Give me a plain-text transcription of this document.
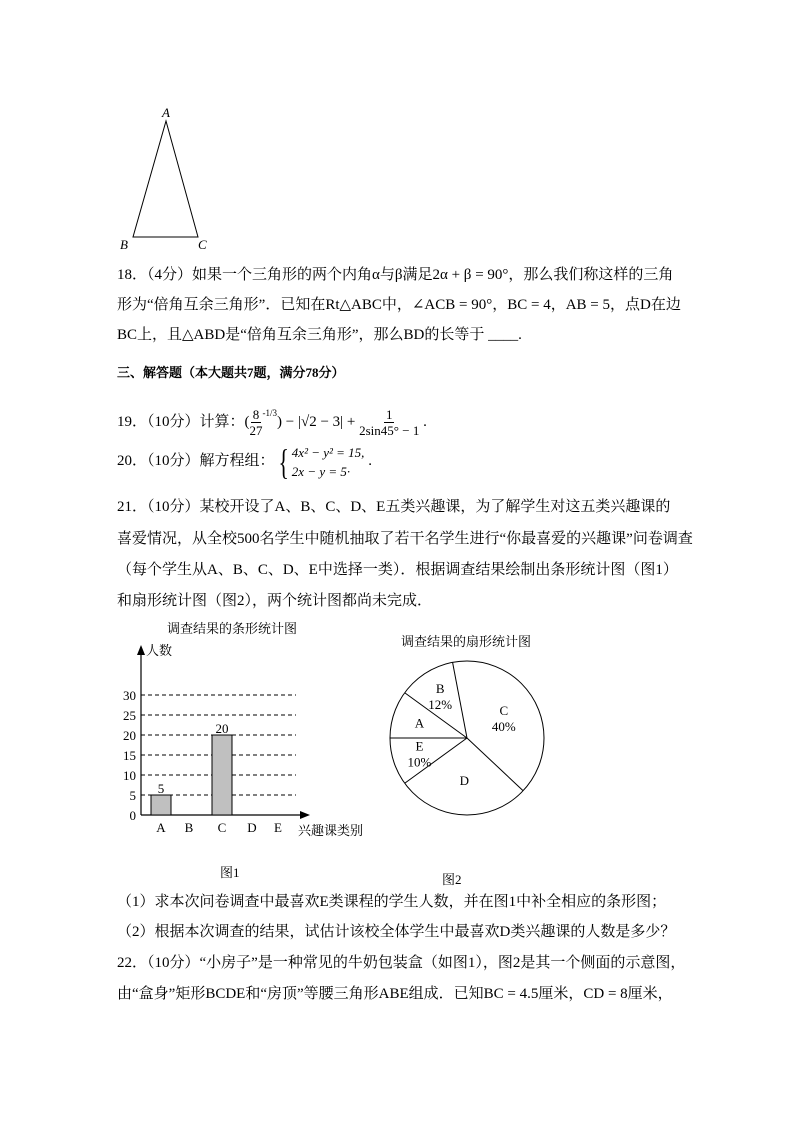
A
B	C
0
5
10
15
20
25
30
5
A B
20
C D E
A
B
12%	C
40%
D
E
10%
18．（4分）如果一个三角形的两个内角α与β满足2α + β = 90°，那么我们称这样的三角
形为“倍角互余三角形”．已知在Rt△ABC中，∠ACB = 90°，BC = 4，AB = 5，点D在边
BC上，且△ABD是“倍角互余三角形”，那么BD的长等于 ____.
三、解答题（本大题共7题，满分78分）
19．（10分）计算：( $\frac{8}{27} ^{-1/3}) - |√2 - 3| + \frac{1}{2\sin 45^\circ - 1}$ .
20．（10分）解方程组：{ 4x² − y² = 15,
2x − y = 5·
.
21．（10分）某校开设了A、B、C、D、E五类兴趣课，为了解学生对这五类兴趣课的
喜爱情况，从全校500名学生中随机抽取了若干名学生进行“你最喜爱的兴趣课”问卷调查
（每个学生从A、B、C、D、E中选择一类）．根据调查结果绘制出条形统计图（图1）
和扇形统计图（图2），两个统计图都尚未完成．
调查结果的条形统计图
调查结果的扇形统计图
人数
兴趣课类别
图1	图2
（1）求本次问卷调查中最喜欢E类课程的学生人数，并在图1中补全相应的条形图；
（2）根据本次调查的结果，试估计该校全体学生中最喜欢D类兴趣课的人数是多少？
22．（10分）“小房子”是一种常见的牛奶包装盒（如图1），图2是其一个侧面的示意图，
由“盒身”矩形BCDE和“房顶”等腰三角形ABE组成．已知BC = 4.5厘米，CD = 8厘米，
